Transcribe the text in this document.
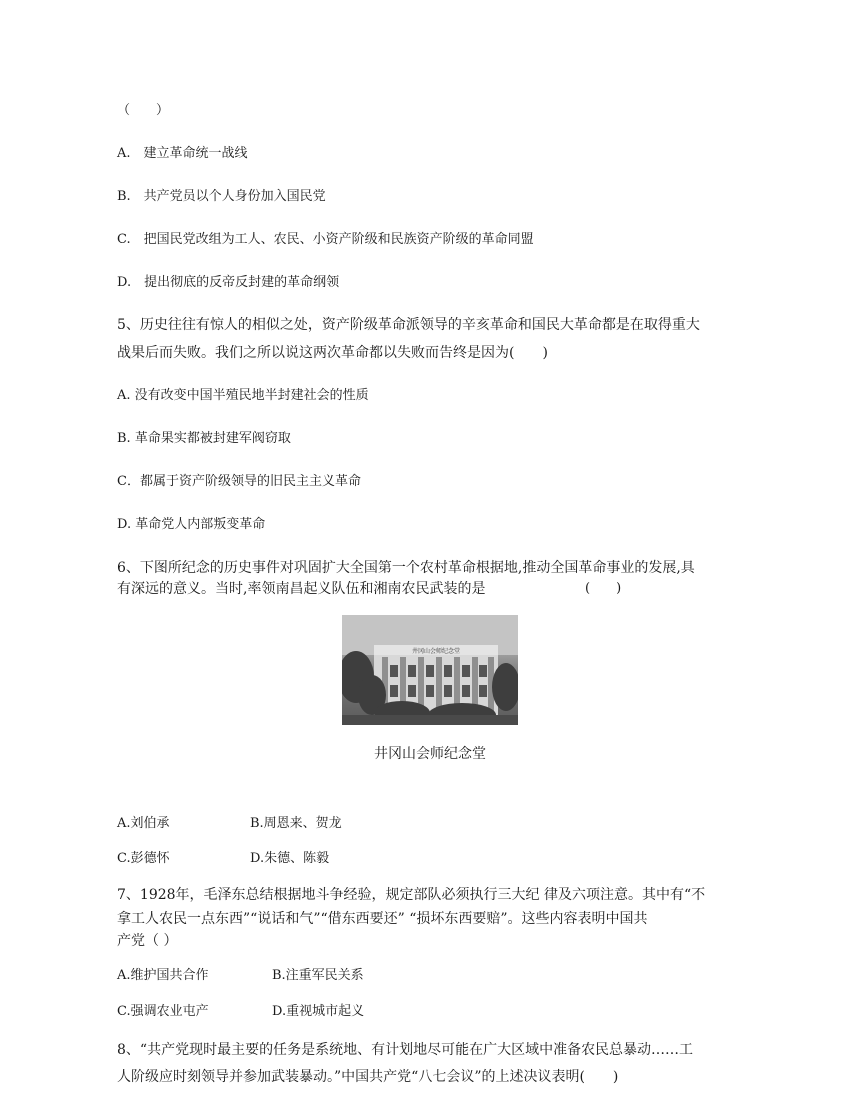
（　　）
A.　建立革命统一战线
B.　共产党员以个人身份加入国民党
C.　把国民党改组为工人、农民、小资产阶级和民族资产阶级的革命同盟
D.　提出彻底的反帝反封建的革命纲领
5、历史往往有惊人的相似之处，资产阶级革命派领导的辛亥革命和国民大革命都是在取得重大
战果后而失败。我们之所以说这两次革命都以失败而告终是因为(　　)
A. 没有改变中国半殖民地半封建社会的性质
B. 革命果实都被封建军阀窃取
C．都属于资产阶级领导的旧民主主义革命
D. 革命党人内部叛变革命
6、下图所纪念的历史事件对巩固扩大全国第一个农村革命根据地,推动全国革命事业的发展,具
有深远的意义。当时,率领南昌起义队伍和湘南农民武装的是	(　　)
井冈山会师纪念堂
井冈山会师纪念堂
A.刘伯承	B.周恩来、贺龙
C.彭德怀	D.朱德、陈毅
7、1928年，毛泽东总结根据地斗争经验，规定部队必须执行三大纪 律及六项注意。其中有“不
拿工人农民一点东西”“说话和气”“借东西要还” “损坏东西要赔”。这些内容表明中国共
产党（ ）
A.维护国共合作	B.注重军民关系
C.强调农业屯产	D.重视城市起义
8、“共产党现时最主要的任务是系统地、有计划地尽可能在广大区域中准备农民总暴动……工
人阶级应时刻领导并参加武装暴动。”中国共产党“八七会议”的上述决议表明(　　)
